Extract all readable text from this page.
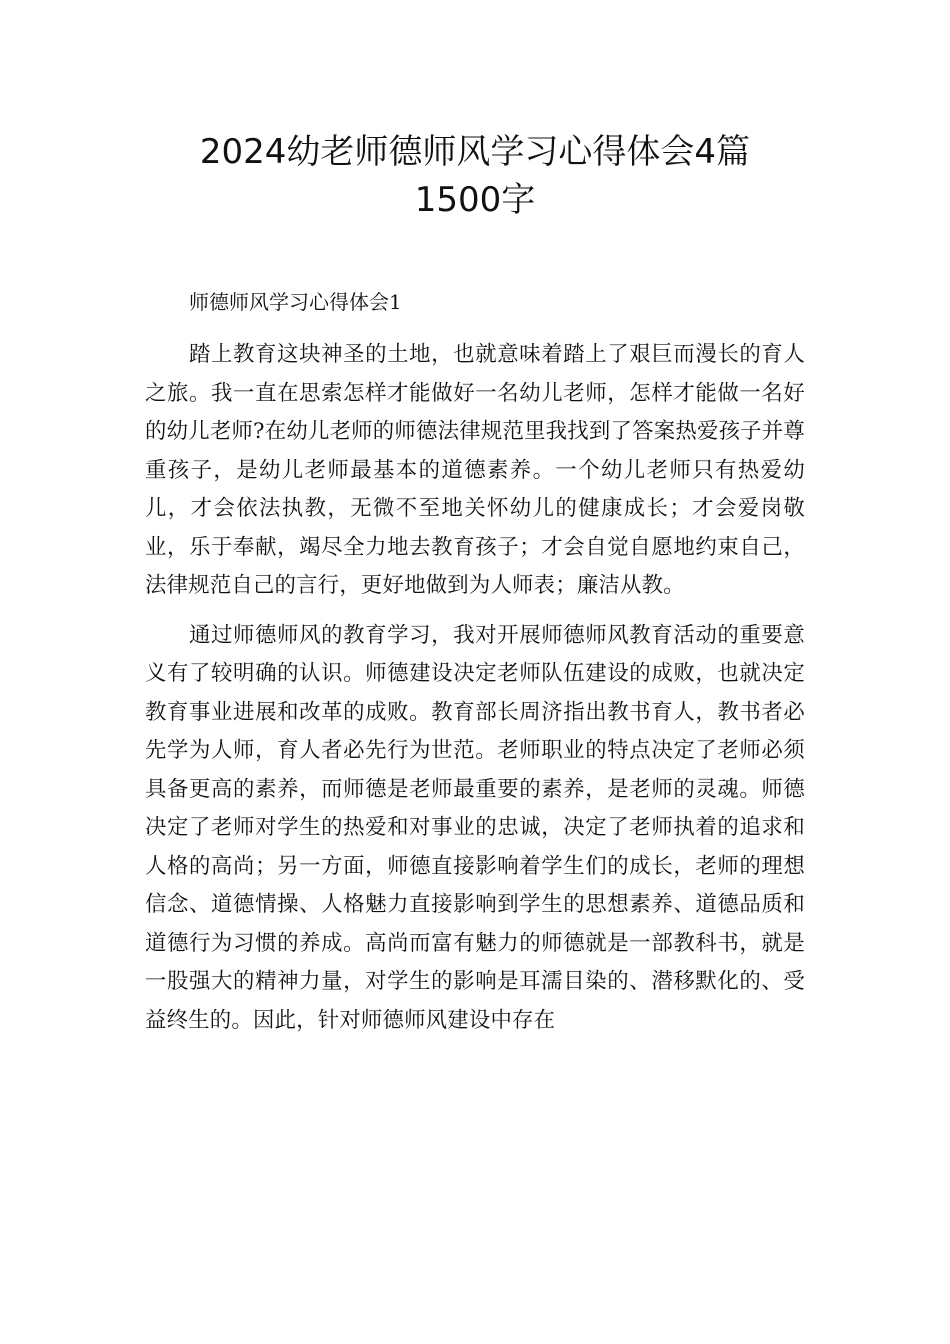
2024幼老师德师风学习心得体会4篇
1500字
师德师风学习心得体会1

踏上教育这块神圣的土地，也就意味着踏上了艰巨而漫长的育人之旅。我一直在思索怎样才能做好一名幼儿老师，怎样才能做一名好的幼儿老师?在幼儿老师的师德法律规范里我找到了答案热爱孩子并尊重孩子，是幼儿老师最基本的道德素养。一个幼儿老师只有热爱幼儿，才会依法执教，无微不至地关怀幼儿的健康成长；才会爱岗敬业，乐于奉献，竭尽全力地去教育孩子；才会自觉自愿地约束自己，法律规范自己的言行，更好地做到为人师表；廉洁从教。

通过师德师风的教育学习，我对开展师德师风教育活动的重要意义有了较明确的认识。师德建设决定老师队伍建设的成败，也就决定教育事业进展和改革的成败。教育部长周济指出教书育人，教书者必先学为人师，育人者必先行为世范。老师职业的特点决定了老师必须具备更高的素养，而师德是老师最重要的素养，是老师的灵魂。师德决定了老师对学生的热爱和对事业的忠诚，决定了老师执着的追求和人格的高尚；另一方面，师德直接影响着学生们的成长，老师的理想信念、道德情操、人格魅力直接影响到学生的思想素养、道德品质和道德行为习惯的养成。高尚而富有魅力的师德就是一部教科书，就是一股强大的精神力量，对学生的影响是耳濡目染的、潜移默化的、受益终生的。因此，针对师德师风建设中存在
